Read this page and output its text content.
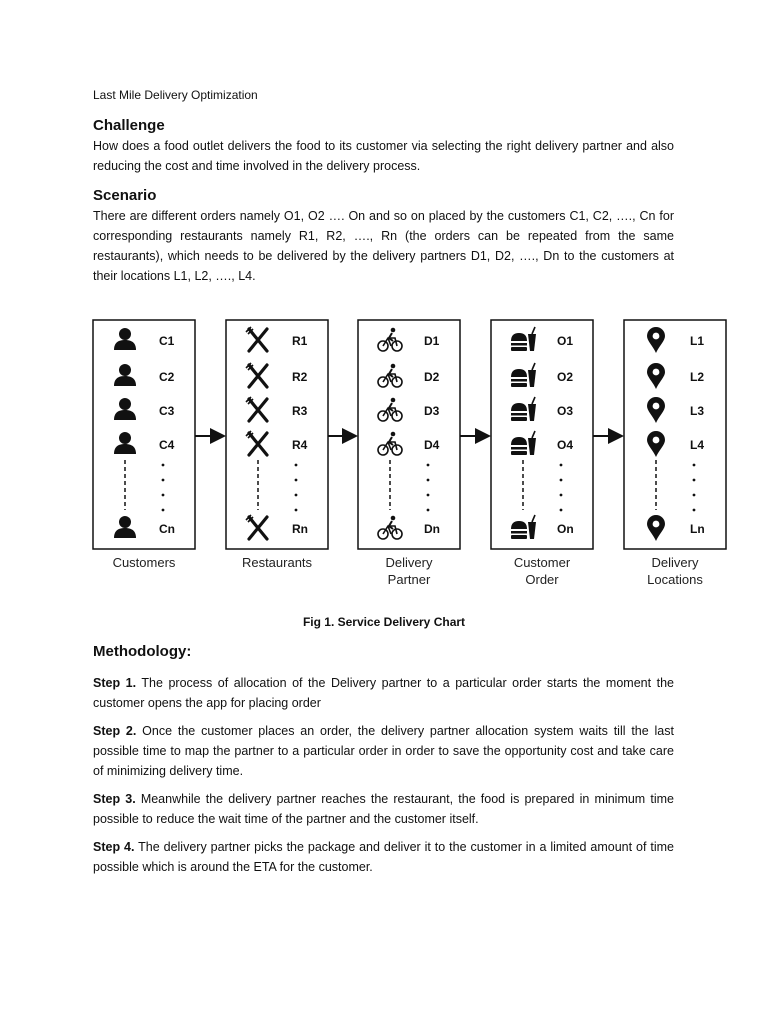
Last Mile Delivery Optimization
Challenge
How does a food outlet delivers the food to its customer via selecting the right delivery partner and also reducing the cost and time involved in the delivery process.
Scenario
There are different orders namely O1, O2 …. On and so on placed by the customers C1, C2, …., Cn for corresponding restaurants namely R1, R2, …., Rn (the orders can be repeated from the same restaurants), which needs to be delivered by the delivery partners D1, D2, …., Dn to the customers at their locations L1, L2, …., L4.
C1
C2
C3
C4
Cn
Customers
R1
R2
R3
R4
Rn
Restaurants
D1
D2
D3
D4
Dn
Delivery
Partner
O1
O2
O3
O4
On
Customer
Order
L1
L2
L3
L4
Ln
Delivery
Locations
Fig 1. Service Delivery Chart
Methodology:
Step 1. The process of allocation of the Delivery partner to a particular order starts the moment the customer opens the app for placing order
Step 2. Once the customer places an order, the delivery partner allocation system waits till the last possible time to map the partner to a particular order in order to save the opportunity cost and take care of minimizing delivery time.
Step 3. Meanwhile the delivery partner reaches the restaurant, the food is prepared in minimum time possible to reduce the wait time of the partner and the customer itself.
Step 4. The delivery partner picks the package and deliver it to the customer in a limited amount of time possible which is around the ETA for the customer.
